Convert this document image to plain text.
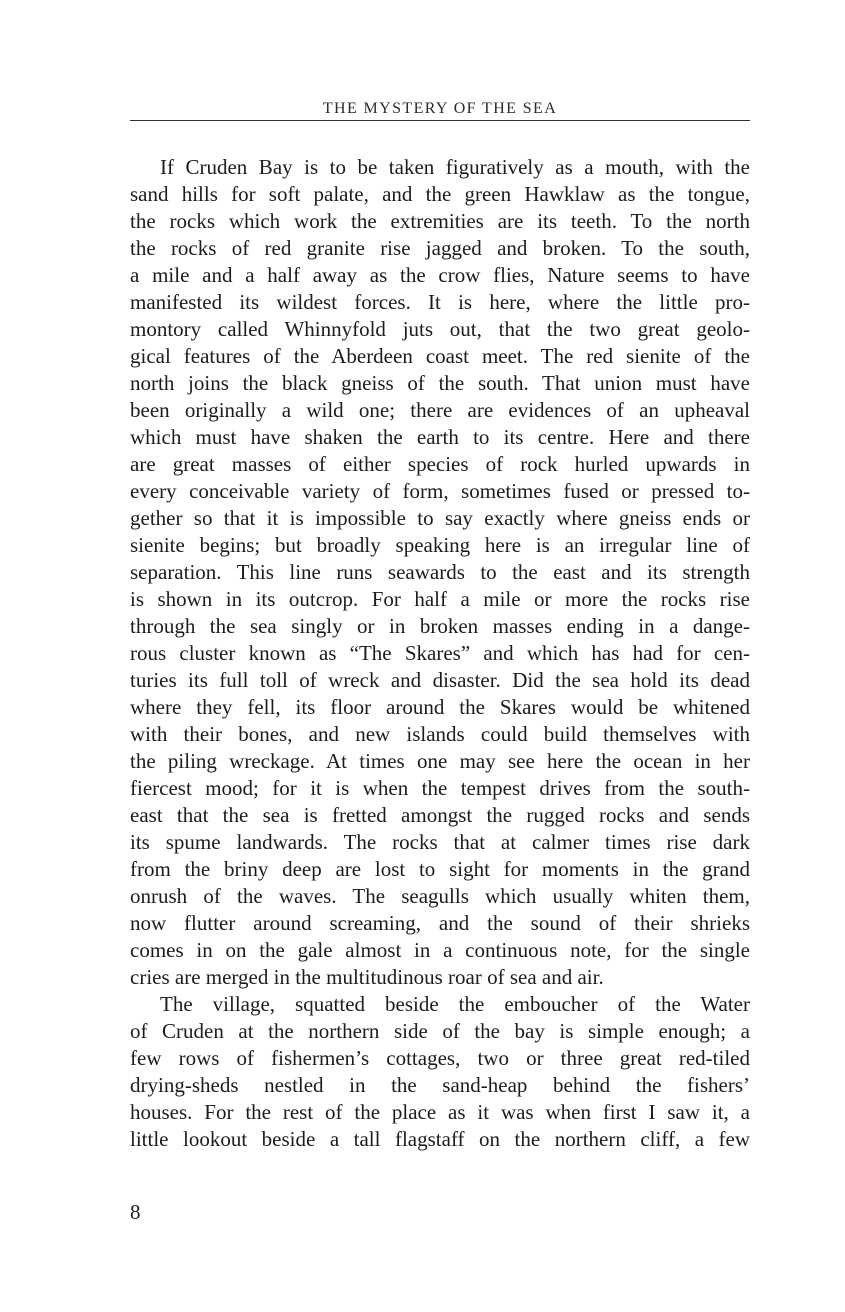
THE MYSTERY OF THE SEA
If Cruden Bay is to be taken figuratively as a mouth, with the
sand hills for soft palate, and the green Hawklaw as the tongue,
the rocks which work the extremities are its teeth. To the north
the rocks of red granite rise jagged and broken. To the south,
a mile and a half away as the crow flies, Nature seems to have
manifested its wildest forces. It is here, where the little pro-
montory called Whinnyfold juts out, that the two great geolo-
gical features of the Aberdeen coast meet. The red sienite of the
north joins the black gneiss of the south. That union must have
been originally a wild one; there are evidences of an upheaval
which must have shaken the earth to its centre. Here and there
are great masses of either species of rock hurled upwards in
every conceivable variety of form, sometimes fused or pressed to-
gether so that it is impossible to say exactly where gneiss ends or
sienite begins; but broadly speaking here is an irregular line of
separation. This line runs seawards to the east and its strength
is shown in its outcrop. For half a mile or more the rocks rise
through the sea singly or in broken masses ending in a dange-
rous cluster known as “The Skares” and which has had for cen-
turies its full toll of wreck and disaster. Did the sea hold its dead
where they fell, its floor around the Skares would be whitened
with their bones, and new islands could build themselves with
the piling wreckage. At times one may see here the ocean in her
fiercest mood; for it is when the tempest drives from the south-
east that the sea is fretted amongst the rugged rocks and sends
its spume landwards. The rocks that at calmer times rise dark
from the briny deep are lost to sight for moments in the grand
onrush of the waves. The seagulls which usually whiten them,
now flutter around screaming, and the sound of their shrieks
comes in on the gale almost in a continuous note, for the single
cries are merged in the multitudinous roar of sea and air.
The village, squatted beside the emboucher of the Water
of Cruden at the northern side of the bay is simple enough; a
few rows of fishermen’s cottages, two or three great red-tiled
drying-sheds nestled in the sand-heap behind the fishers’
houses. For the rest of the place as it was when first I saw it, a
little lookout beside a tall flagstaff on the northern cliff, a few
8
